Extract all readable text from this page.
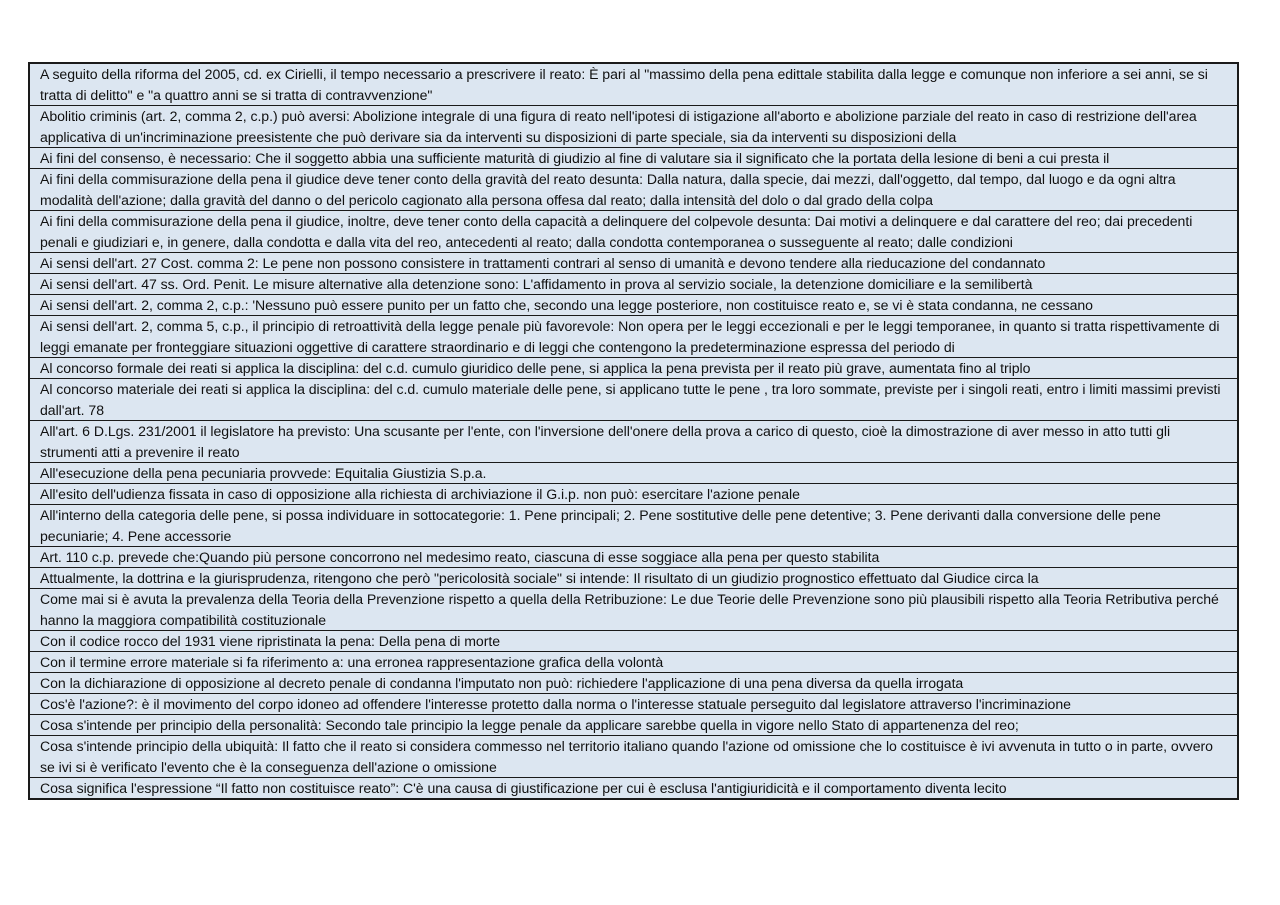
A seguito della riforma del 2005, cd. ex Cirielli, il tempo necessario a prescrivere il reato: È pari al "massimo della pena edittale stabilita dalla legge e comunque non inferiore a sei anni, se si tratta di delitto" e "a quattro anni se si tratta di contravvenzione"
Abolitio criminis (art. 2, comma 2, c.p.) può aversi: Abolizione integrale di una figura di reato nell'ipotesi di istigazione all'aborto e abolizione parziale del reato in caso di restrizione dell'area applicativa di un'incriminazione preesistente che può derivare sia da interventi su disposizioni di parte speciale, sia da interventi su disposizioni della
Ai fini del consenso, è necessario: Che il soggetto abbia una sufficiente maturità di giudizio al fine di valutare sia il significato che la portata della lesione di beni a cui presta il
Ai fini della commisurazione della pena il giudice deve tener conto della gravità del reato desunta: Dalla natura, dalla specie, dai mezzi, dall'oggetto, dal tempo, dal luogo e da ogni altra modalità dell'azione; dalla gravità del danno o del pericolo cagionato alla persona offesa dal reato; dalla intensità del dolo o dal grado della colpa
Ai fini della commisurazione della pena il giudice, inoltre, deve tener conto della capacità a delinquere del colpevole desunta: Dai motivi a delinquere e dal carattere del reo; dai precedenti penali e giudiziari e, in genere, dalla condotta e dalla vita del reo, antecedenti al reato; dalla condotta contemporanea o susseguente al reato; dalle condizioni
Ai sensi dell'art. 27 Cost. comma 2: Le pene non possono consistere in trattamenti contrari al senso di umanità e devono tendere alla rieducazione del condannato
Ai sensi dell'art. 47 ss. Ord. Penit. Le misure alternative alla detenzione sono: L'affidamento in prova al servizio sociale, la detenzione domiciliare e la semilibertà
Ai sensi dell'art. 2, comma 2, c.p.: 'Nessuno può essere punito per un fatto che, secondo una legge posteriore, non costituisce reato e, se vi è stata condanna, ne cessano
Ai sensi dell'art. 2, comma 5, c.p., il principio di retroattività della legge penale più favorevole: Non opera per le leggi eccezionali e per le leggi temporanee, in quanto si tratta rispettivamente di leggi emanate per fronteggiare situazioni oggettive di carattere straordinario e di leggi che contengono la predeterminazione espressa del periodo di
Al concorso formale dei reati si applica la disciplina: del c.d. cumulo giuridico delle pene, si applica la pena prevista per il reato più grave, aumentata fino al triplo
Al concorso materiale dei reati si applica la disciplina: del c.d. cumulo materiale delle pene, si applicano tutte le pene , tra loro sommate, previste per i singoli reati, entro i limiti massimi previsti dall'art. 78
All'art. 6 D.Lgs. 231/2001 il legislatore ha previsto: Una scusante per l'ente, con l'inversione dell'onere della prova a carico di questo, cioè la dimostrazione di aver messo in atto tutti gli strumenti atti a prevenire il reato
All'esecuzione della pena pecuniaria provvede: Equitalia Giustizia S.p.a.
All'esito dell'udienza fissata in caso di opposizione alla richiesta di archiviazione il G.i.p. non può: esercitare l'azione penale
All'interno della categoria delle pene, si possa individuare in sottocategorie: 1. Pene principali; 2. Pene sostitutive delle pene detentive; 3. Pene derivanti dalla conversione delle pene pecuniarie; 4. Pene accessorie
Art. 110 c.p. prevede che:Quando più persone concorrono nel medesimo reato, ciascuna di esse soggiace alla pena per questo stabilita
Attualmente, la dottrina e la giurisprudenza, ritengono che però "pericolosità sociale" si intende: Il risultato di un giudizio prognostico effettuato dal Giudice circa la
Come mai si è avuta la prevalenza della Teoria della Prevenzione rispetto a quella della Retribuzione: Le due Teorie delle Prevenzione sono più plausibili rispetto alla Teoria Retributiva perché hanno la maggiora compatibilità costituzionale
Con il codice rocco del 1931 viene ripristinata la pena: Della pena di morte
Con il termine errore materiale si fa riferimento a: una erronea rappresentazione grafica della volontà
Con la dichiarazione di opposizione al decreto penale di condanna l'imputato non può: richiedere l'applicazione di una pena diversa da quella irrogata
Cos'è l'azione?: è il movimento del corpo idoneo ad offendere l'interesse protetto dalla norma o l'interesse statuale perseguito dal legislatore attraverso l'incriminazione
Cosa s'intende per principio della personalità: Secondo tale principio la legge penale da applicare sarebbe quella in vigore nello Stato di appartenenza del reo;
Cosa s'intende principio della ubiquità: Il fatto che il reato si considera commesso nel territorio italiano quando l'azione od omissione che lo costituisce è ivi avvenuta in tutto o in parte, ovvero se ivi si è verificato l'evento che è la conseguenza dell'azione o omissione
Cosa significa l'espressione “Il fatto non costituisce reato”: C'è una causa di giustificazione per cui è esclusa l'antigiuridicità e il comportamento diventa lecito
